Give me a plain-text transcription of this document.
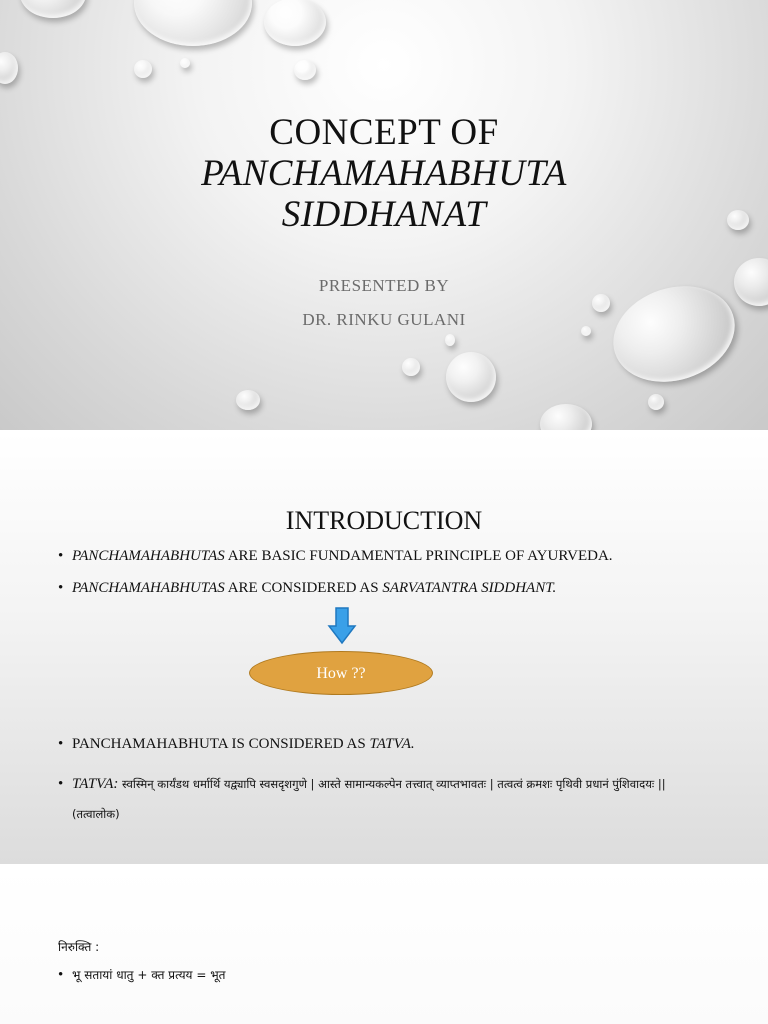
CONCEPT OF
PANCHAMAHABHUTA
SIDDHANAT
PRESENTED BY
DR. RINKU GULANI
INTRODUCTION
• PANCHAMAHABHUTAS ARE BASIC FUNDAMENTAL PRINCIPLE OF AYURVEDA.
• PANCHAMAHABHUTAS ARE CONSIDERED AS SARVATANTRA SIDDHANT.
How ??
• PANCHAMAHABHUTA IS CONSIDERED AS TATVA.
• TATVA: स्वस्मिन् कार्यंडथ धर्मार्थि यद्व्यापि स्वसदृशगुणे | आस्ते सामान्यकल्पेन तत्त्वात् व्याप्तभावतः | तत्वत्वं क्रमशः पृथिवी प्रधानं पुंशिवादयः ||
(तत्वालोक)
निरुक्ति :
• भू सतायां धातु + क्त प्रत्यय = भूत
